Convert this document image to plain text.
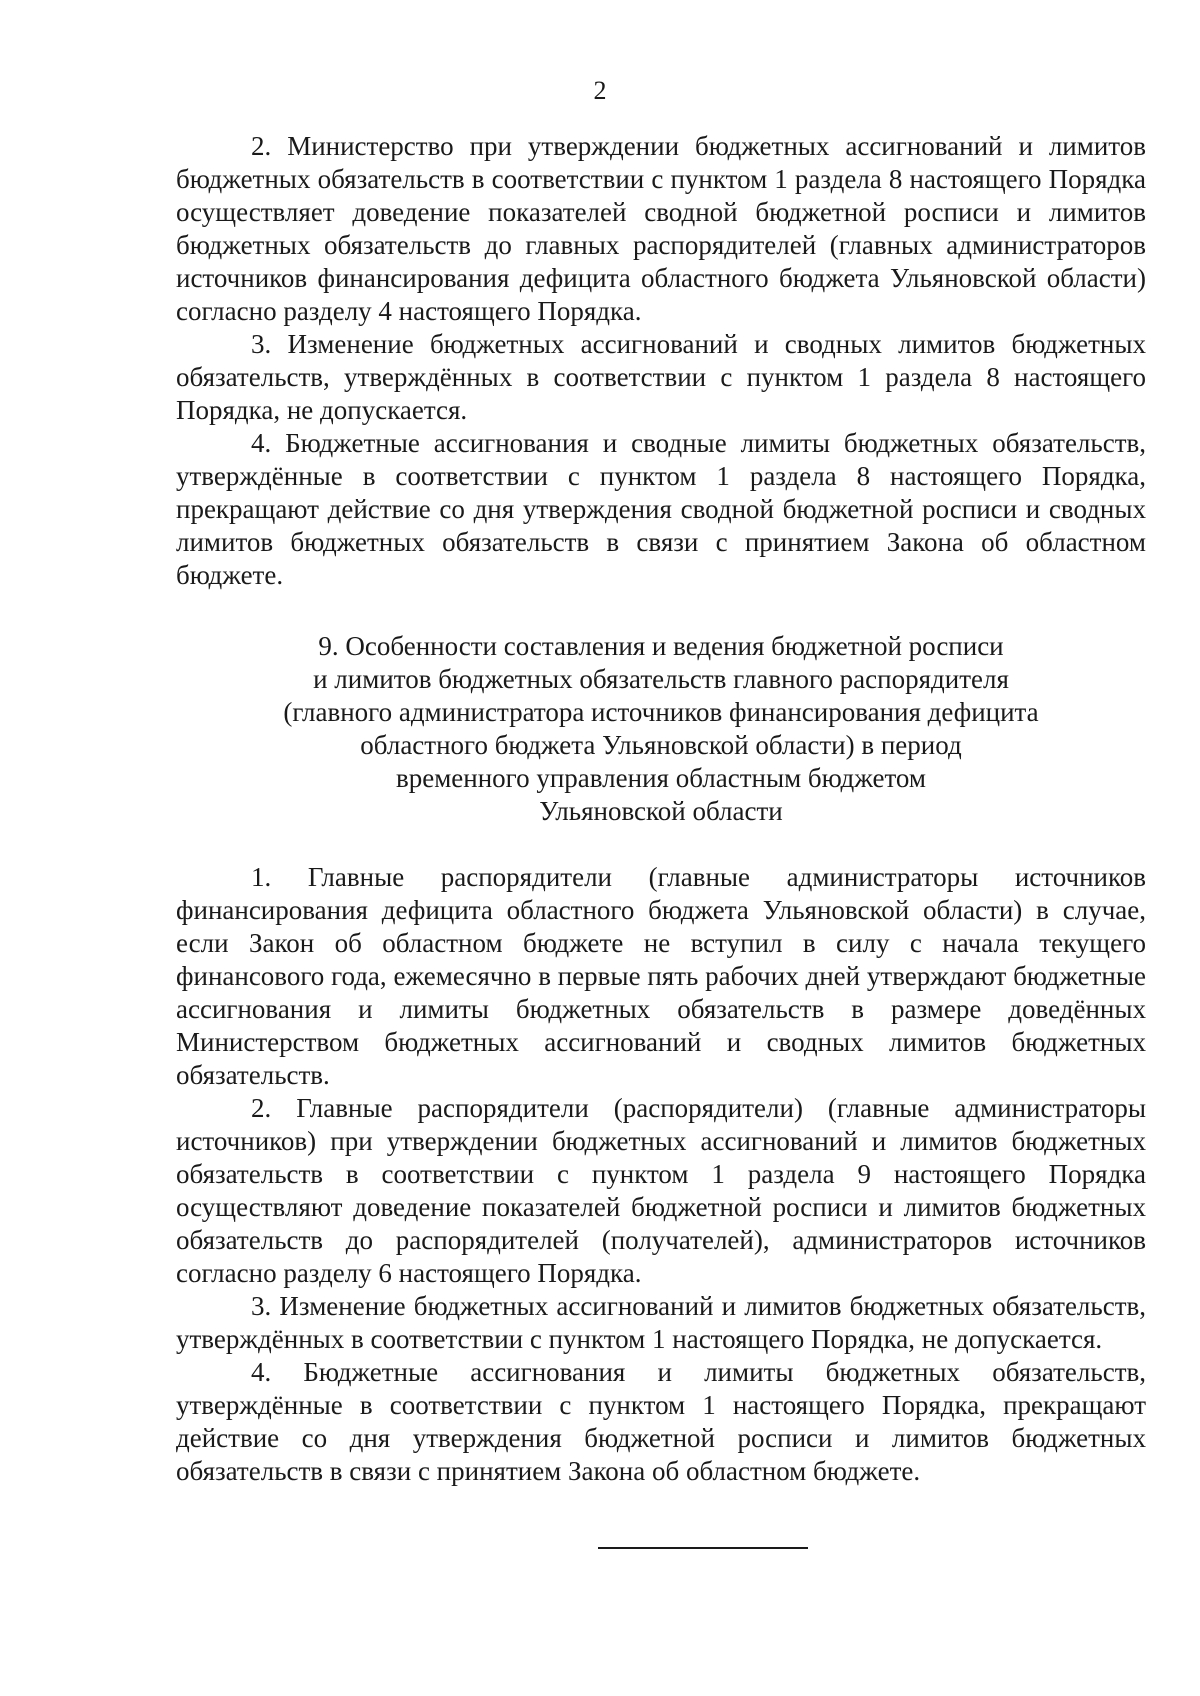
2

2. Министерство при утверждении бюджетных ассигнований и лимитов бюджетных обязательств в соответствии с пунктом 1 раздела 8 настоящего Порядка осуществляет доведение показателей сводной бюджетной росписи и лимитов бюджетных обязательств до главных распорядителей (главных администраторов источников финансирования дефицита областного бюджета Ульяновской области) согласно разделу 4 настоящего Порядка.

3. Изменение бюджетных ассигнований и сводных лимитов бюджетных обязательств, утверждённых в соответствии с пунктом 1 раздела 8 настоящего Порядка, не допускается.

4. Бюджетные ассигнования и сводные лимиты бюджетных обязательств, утверждённые в соответствии с пунктом 1 раздела 8 настоящего Порядка, прекращают действие со дня утверждения сводной бюджетной росписи и сводных лимитов бюджетных обязательств в связи с принятием Закона об областном бюджете.

9. Особенности составления и ведения бюджетной росписи
и лимитов бюджетных обязательств главного распорядителя
(главного администратора источников финансирования дефицита
областного бюджета Ульяновской области) в период
временного управления областным бюджетом
Ульяновской области

1. Главные распорядители (главные администраторы источников финансирования дефицита областного бюджета Ульяновской области) в случае, если Закон об областном бюджете не вступил в силу с начала текущего финансового года, ежемесячно в первые пять рабочих дней утверждают бюджетные ассигнования и лимиты бюджетных обязательств в размере доведённых Министерством бюджетных ассигнований и сводных лимитов бюджетных обязательств.

2. Главные распорядители (распорядители) (главные администраторы источников) при утверждении бюджетных ассигнований и лимитов бюджетных обязательств в соответствии с пунктом 1 раздела 9 настоящего Порядка осуществляют доведение показателей бюджетной росписи и лимитов бюджетных обязательств до распорядителей (получателей), администраторов источников согласно разделу 6 настоящего Порядка.

3. Изменение бюджетных ассигнований и лимитов бюджетных обязательств, утверждённых в соответствии с пунктом 1 настоящего Порядка, не допускается.

4. Бюджетные ассигнования и лимиты бюджетных обязательств, утверждённые в соответствии с пунктом 1 настоящего Порядка, прекращают действие со дня утверждения бюджетной росписи и лимитов бюджетных обязательств в связи с принятием Закона об областном бюджете.
